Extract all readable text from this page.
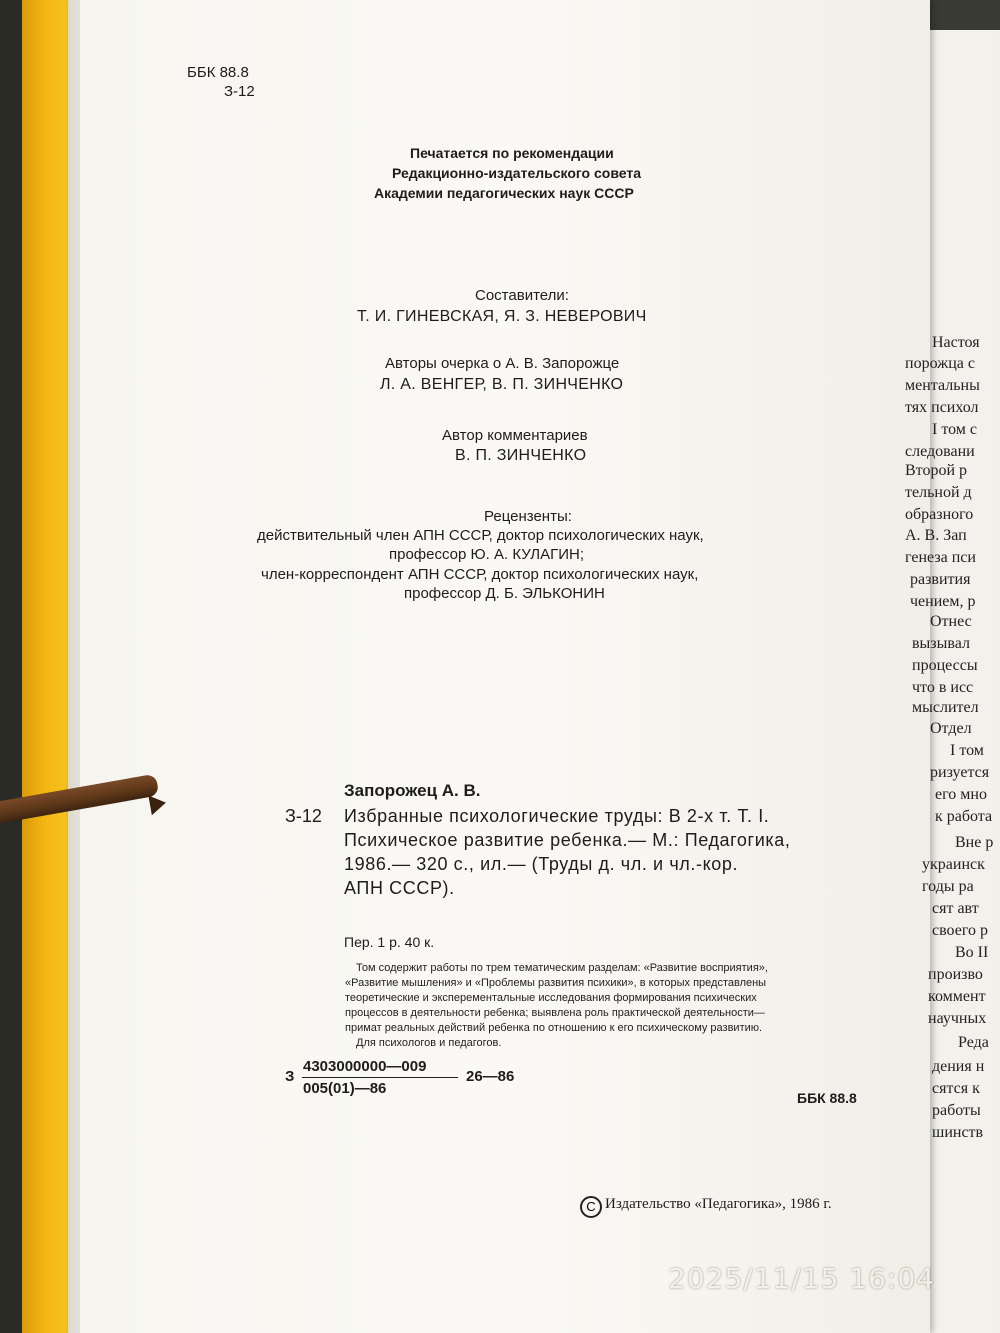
ББК 88.8
З-12
Печатается по рекомендации
Редакционно-издательского совета
Академии педагогических наук СССР
Составители:
Т. И. ГИНЕВСКАЯ, Я. З. НЕВЕРОВИЧ
Авторы очерка о А. В. Запорожце
Л. А. ВЕНГЕР, В. П. ЗИНЧЕНКО
Автор комментариев
В. П. ЗИНЧЕНКО
Рецензенты:
действительный член АПН СССР, доктор психологических наук,
профессор Ю. А. КУЛАГИН;
член-корреспондент АПН СССР, доктор психологических наук,
профессор Д. Б. ЭЛЬКОНИН
Запорожец А. В.
З-12 Избранные психологические труды: В 2-х т. Т. I.
Психическое развитие ребенка.— М.: Педагогика,
1986.— 320 с., ил.— (Труды д. чл. и чл.-кор.
АПН СССР).
Пер. 1 р. 40 к.
Том содержит работы по трем тематическим разделам: «Развитие восприятия»,
«Развитие мышления» и «Проблемы развития психики», в которых представлены
теоретические и эксперементальные исследования формирования психических
процессов в деятельности ребенка; выявлена роль практической деятельности—
примат реальных действий ребенка по отношению к его психическому развитию.
Для психологов и педагогов.
З
4303000000—009
005(01)—86
26—86
ББК 88.8
C Издательство «Педагогика», 1986 г.
Настоя
порожца с
ментальны
тях психол
I том с
следовани
Второй р
тельной д
образного
А. В. Зап
генеза пси
развития
чением, р
Отнес
вызывал
процессы
что в исс
мыслител
Отдел
I том
ризуется
его мно
к работа
Вне р
украинск
годы ра
сят авт
своего р
Во II
произво
коммент
научных
Реда
дения н
сятся к
работы
шинств
2025/11/15 16:04
